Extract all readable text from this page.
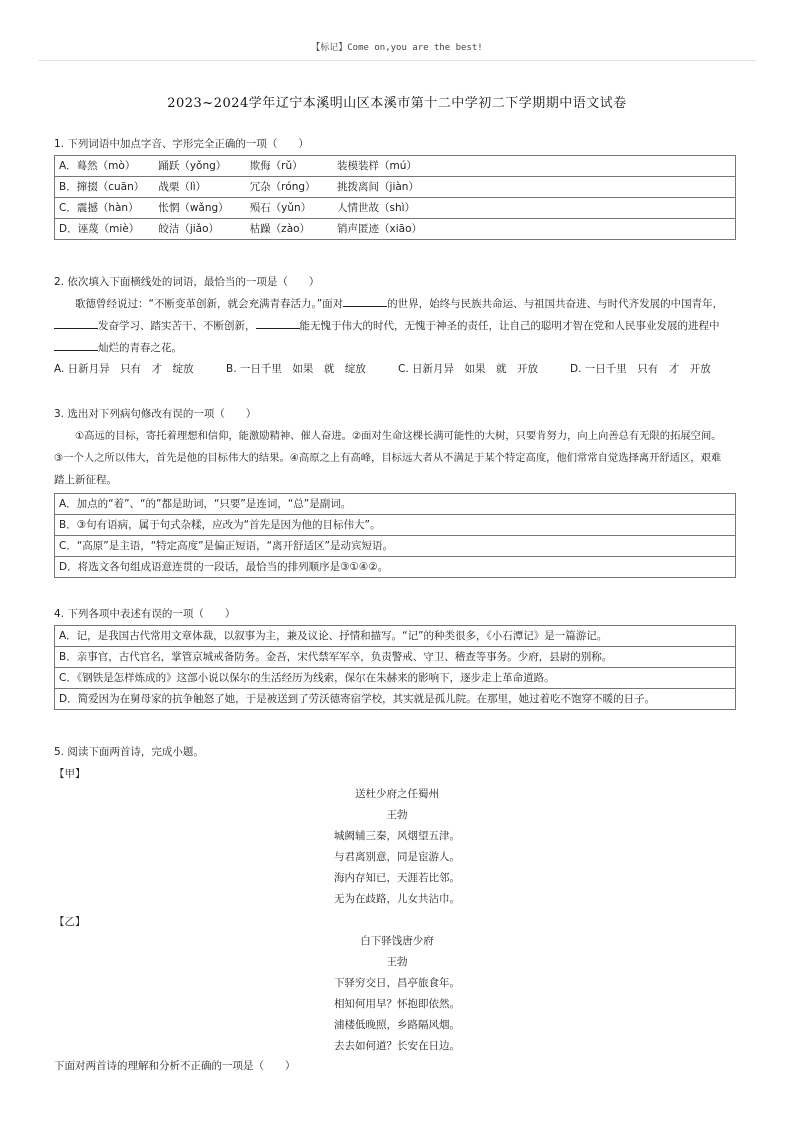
【标记】Come on,you are the best!
2023~2024学年辽宁本溪明山区本溪市第十二中学初二下学期期中语文试卷
1. 下列词语中加点字音、字形完全正确的一项（　　）
A．蓦然（mò） 踊跃（yǒng） 欺侮（rǔ）	装模装样（mú）
B．撺掇（cuān） 战栗（lì）	冗杂（róng） 挑拨离间（jiàn）
C．震撼（hàn） 怅惘（wǎng） 殒石（yǔn） 人情世故（shì）
D．诬蔑（miè） 皎洁（jiǎo）	枯躁（zào）	销声匿迹（xiāo）
2. 依次填入下面横线处的词语，最恰当的一项是（　　）
歌德曾经说过：“不断变革创新，就会充满青春活力。”面对	的世界，始终与民族共命运、与祖国共奋进、与时代齐发展的中国青年，
发奋学习、踏实苦干、不断创新，	能无愧于伟大的时代，无愧于神圣的责任，让自己的聪明才智在党和人民事业发展的进程中
灿烂的青春之花。
A. 日新月异　只有　才　绽放	B. 一日千里　如果　就　绽放	C. 日新月异　如果　就　开放	D. 一日千里　只有　才　开放
3. 选出对下列病句修改有误的一项（　　）
①高远的目标，寄托着理想和信仰，能激励精神、催人奋进。②面对生命这棵长满可能性的大树，只要肯努力，向上向善总有无限的拓展空间。
③一个人之所以伟大，首先是他的目标伟大的结果。④高原之上有高峰，目标远大者从不满足于某个特定高度，他们常常自觉选择离开舒适区，艰难
踏上新征程。
A．加点的“着”、“的”都是助词，“只要”是连词，“总”是副词。
B．③句有语病，属于句式杂糅，应改为“首先是因为他的目标伟大”。
C．“高原”是主语，“特定高度”是偏正短语，“离开舒适区”是动宾短语。
D．将选文各句组成语意连贯的一段话，最恰当的排列顺序是③①④②。
4. 下列各项中表述有误的一项（　　）
A．记，是我国古代常用文章体裁，以叙事为主，兼及议论、抒情和描写。“记”的种类很多，《小石潭记》是一篇游记。
B．亲事官，古代官名，掌管京城戒备防务。金吾，宋代禁军军卒，负责警戒、守卫、稽查等事务。少府，县尉的别称。
C．《钢铁是怎样炼成的》这部小说以保尔的生活经历为线索，保尔在朱赫来的影响下，逐步走上革命道路。
D．简爱因为在舅母家的抗争触怒了她，于是被送到了劳沃德寄宿学校，其实就是孤儿院。在那里，她过着吃不饱穿不暖的日子。
5. 阅读下面两首诗，完成小题。
【甲】
送杜少府之任蜀州
王勃
城阙辅三秦，风烟望五津。
与君离别意，同是宦游人。
海内存知已，天涯若比邻。
无为在歧路，儿女共沾巾。
【乙】
白下驿饯唐少府
王勃
下驿穷交日，昌亭旅食年。
相知何用早？怀抱即依然。
浦楼低晚照，乡路隔风烟。
去去如何道？长安在日边。
下面对两首诗的理解和分析不正确的一项是（　　）
